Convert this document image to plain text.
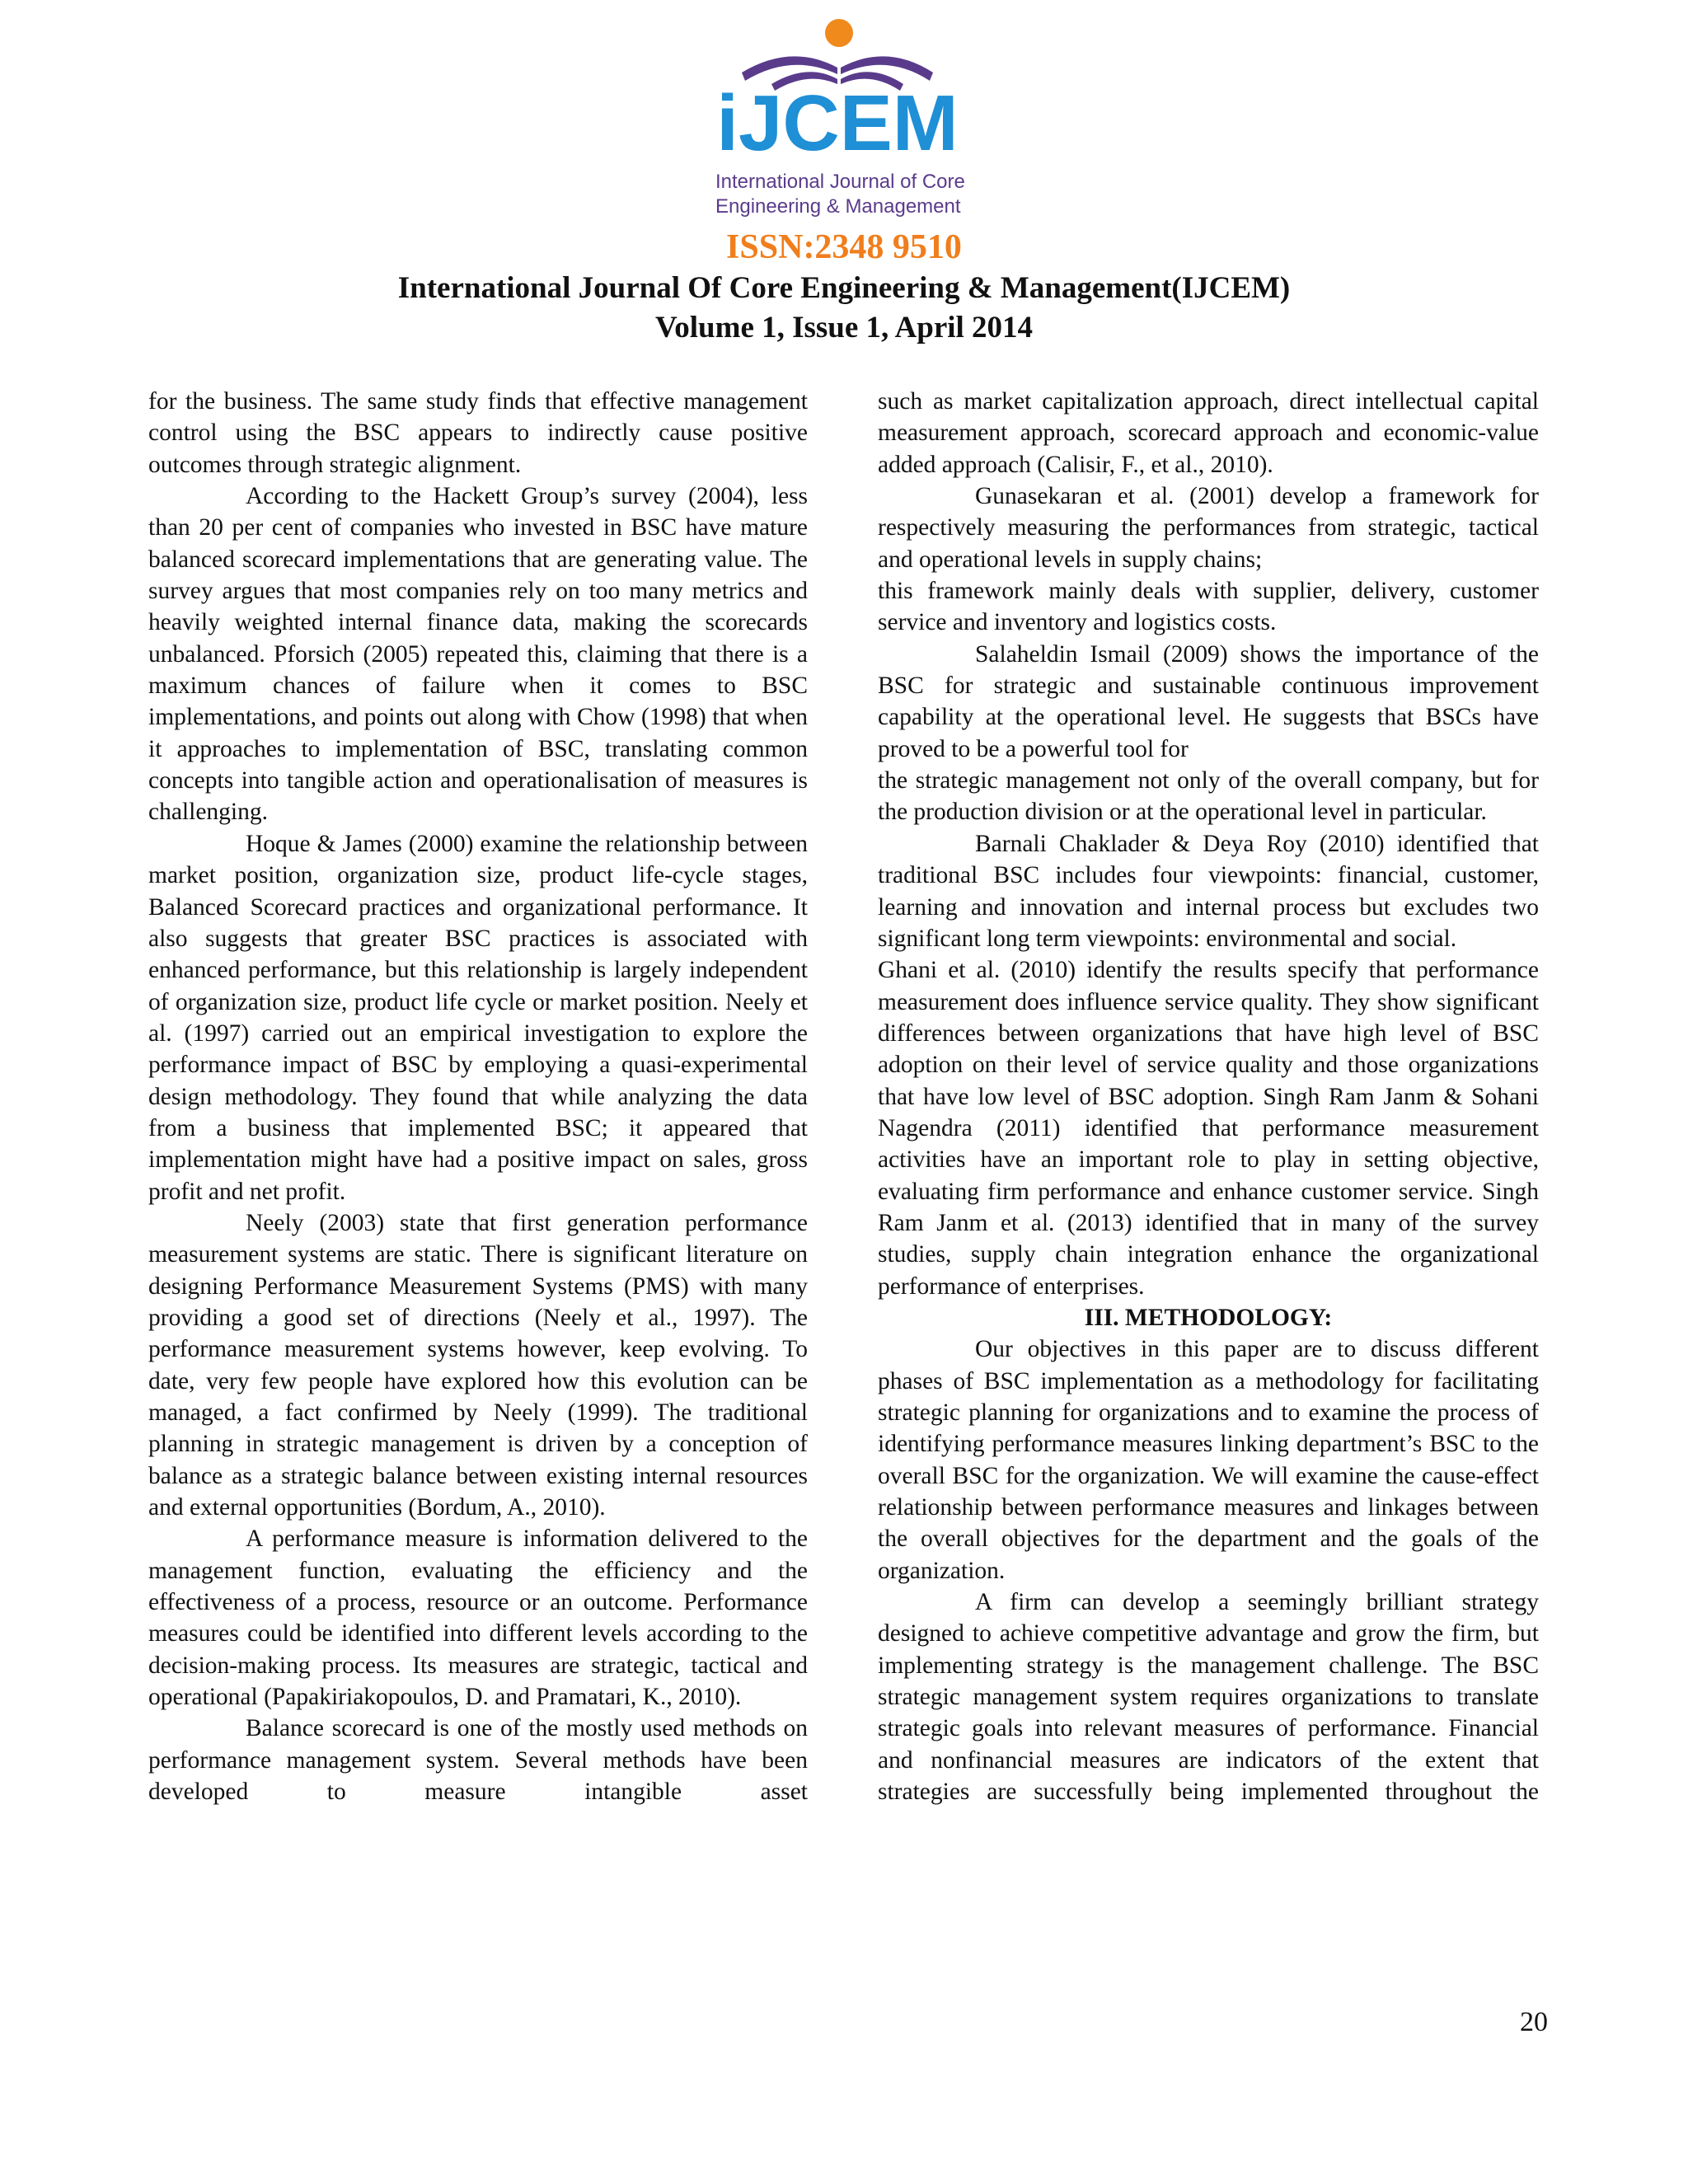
iJCEM
International Journal of Core
Engineering & Management
ISSN:2348 9510
International Journal Of Core Engineering & Management(IJCEM)
Volume 1, Issue 1, April 2014

for the business. The same study finds that effective management control using the BSC appears to indirectly cause positive outcomes through strategic alignment.

According to the Hackett Group’s survey (2004), less than 20 per cent of companies who invested in BSC have mature balanced scorecard implementations that are generating value. The survey argues that most companies rely on too many metrics and heavily weighted internal finance data, making the scorecards unbalanced. Pforsich (2005) repeated this, claiming that there is a maximum chances of failure when it comes to BSC implementations, and points out along with Chow (1998) that when it approaches to implementation of BSC, translating common concepts into tangible action and operationalisation of measures is challenging.

Hoque & James (2000) examine the relationship between market position, organization size, product life-cycle stages, Balanced Scorecard practices and organizational performance. It also suggests that greater BSC practices is associated with enhanced performance, but this relationship is largely independent of organization size, product life cycle or market position. Neely et al. (1997) carried out an empirical investigation to explore the performance impact of BSC by employing a quasi-experimental design methodology. They found that while analyzing the data from a business that implemented BSC; it appeared that implementation might have had a positive impact on sales, gross profit and net profit.

Neely (2003) state that first generation performance measurement systems are static. There is significant literature on designing Performance Measurement Systems (PMS) with many providing a good set of directions (Neely et al., 1997). The performance measurement systems however, keep evolving. To date, very few people have explored how this evolution can be managed, a fact confirmed by Neely (1999). The traditional planning in strategic management is driven by a conception of balance as a strategic balance between existing internal resources and external opportunities (Bordum, A., 2010).

A performance measure is information delivered to the management function, evaluating the efficiency and the effectiveness of a process, resource or an outcome. Performance measures could be identified into different levels according to the decision-making process. Its measures are strategic, tactical and operational (Papakiriakopoulos, D. and Pramatari, K., 2010).

Balance scorecard is one of the mostly used methods on performance management system. Several methods have been developed to measure intangible asset

such as market capitalization approach, direct intellectual capital measurement approach, scorecard approach and economic-value added approach (Calisir, F., et al., 2010).

Gunasekaran et al. (2001) develop a framework for respectively measuring the performances from strategic, tactical and operational levels in supply chains;

this framework mainly deals with supplier, delivery, customer service and inventory and logistics costs.

Salaheldin Ismail (2009) shows the importance of the BSC for strategic and sustainable continuous improvement capability at the operational level. He suggests that BSCs have proved to be a powerful tool for

the strategic management not only of the overall company, but for the production division or at the operational level in particular.

Barnali Chaklader & Deya Roy (2010) identified that traditional BSC includes four viewpoints: financial, customer, learning and innovation and internal process but excludes two significant long term viewpoints: environmental and social.

Ghani et al. (2010) identify the results specify that performance measurement does influence service quality. They show significant differences between organizations that have high level of BSC adoption on their level of service quality and those organizations that have low level of BSC adoption. Singh Ram Janm & Sohani Nagendra (2011) identified that performance measurement activities have an important role to play in setting objective, evaluating firm performance and enhance customer service. Singh Ram Janm et al. (2013) identified that in many of the survey studies, supply chain integration enhance the organizational performance of enterprises.

III. METHODOLOGY:

Our objectives in this paper are to discuss different phases of BSC implementation as a methodology for facilitating strategic planning for organizations and to examine the process of identifying performance measures linking department’s BSC to the overall BSC for the organization. We will examine the cause-effect relationship between performance measures and linkages between the overall objectives for the department and the goals of the organization.

A firm can develop a seemingly brilliant strategy designed to achieve competitive advantage and grow the firm, but implementing strategy is the management challenge. The BSC strategic management system requires organizations to translate strategic goals into relevant measures of performance. Financial and nonfinancial measures are indicators of the extent that strategies are successfully being implemented throughout the

20
